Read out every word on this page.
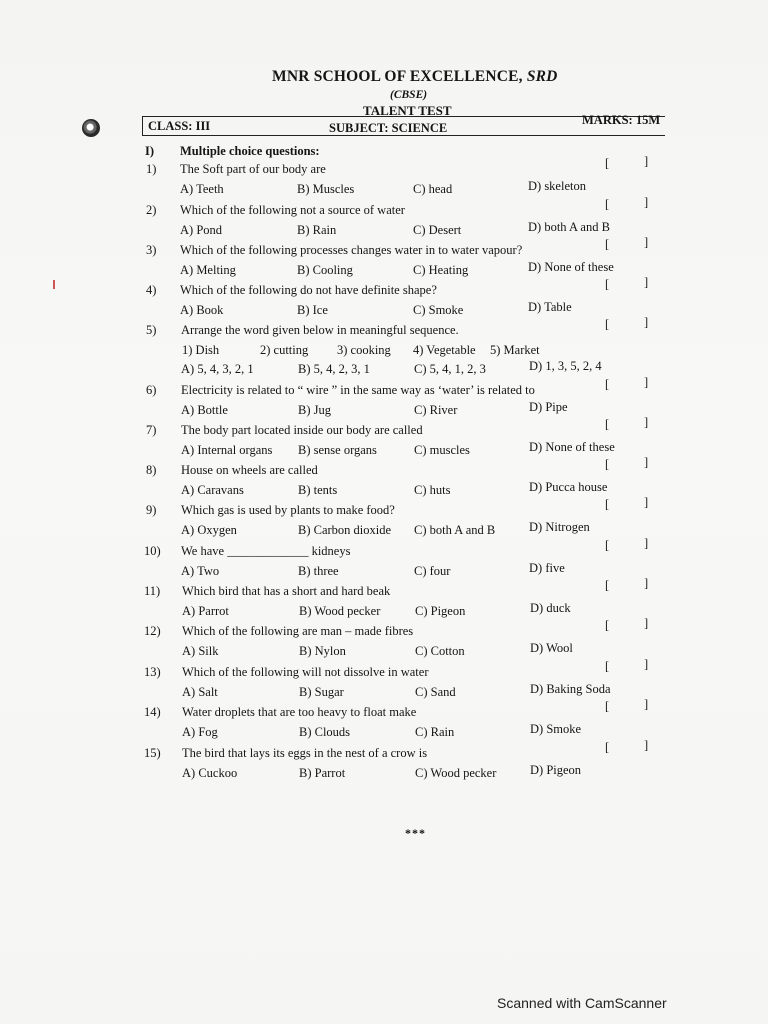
MNR SCHOOL OF EXCELLENCE, SRD
(CBSE)
TALENT TEST
CLASS: III	SUBJECT: SCIENCE
MARKS: 15M
I) Multiple choice questions:
1) The Soft part of our body are	[	]
A) Teeth	B) Muscles	C) head	D) skeleton
2) Which of the following not a source of water	[	]
A) Pond	B) Rain	C) Desert	D) both A and B
3) Which of the following processes changes water in to water vapour?	[	]
A) Melting	B) Cooling	C) Heating	D) None of these
4) Which of the following do not have definite shape?	[	]
A) Book	B) Ice	C) Smoke	D) Table
5) Arrange the word given below in meaningful sequence.	[	]
1) Dish	2) cutting 3) cooking 4) Vegetable 5) Market
A) 5, 4, 3, 2, 1	B) 5, 4, 2, 3, 1	C) 5, 4, 1, 2, 3	D) 1, 3, 5, 2, 4
6) Electricity is related to “ wire ” in the same way as ‘water’ is related to	[	]
A) Bottle	B) Jug	C) River	D) Pipe
7) The body part located inside our body are called	[	]
A) Internal organs B) sense organs	C) muscles	D) None of these
8) House on wheels are called	[	]
A) Caravans	B) tents	C) huts	D) Pucca house
9) Which gas is used by plants to make food?	[	]
A) Oxygen	B) Carbon dioxide C) both A and B	D) Nitrogen
10) We have _____________ kidneys	[	]
A) Two	B) three	C) four	D) five
11) Which bird that has a short and hard beak	[	]
A) Parrot	B) Wood pecker	C) Pigeon	D) duck
12) Which of the following are man – made fibres	[	]
A) Silk	B) Nylon	C) Cotton	D) Wool
13) Which of the following will not dissolve in water	[	]
A) Salt	B) Sugar	C) Sand	D) Baking Soda
14) Water droplets that are too heavy to float make	[	]
A) Fog	B) Clouds	C) Rain	D) Smoke
15) The bird that lays its eggs in the nest of a crow is	[	]
A) Cuckoo	B) Parrot	C) Wood pecker	D) Pigeon
***
Scanned with CamScanner
